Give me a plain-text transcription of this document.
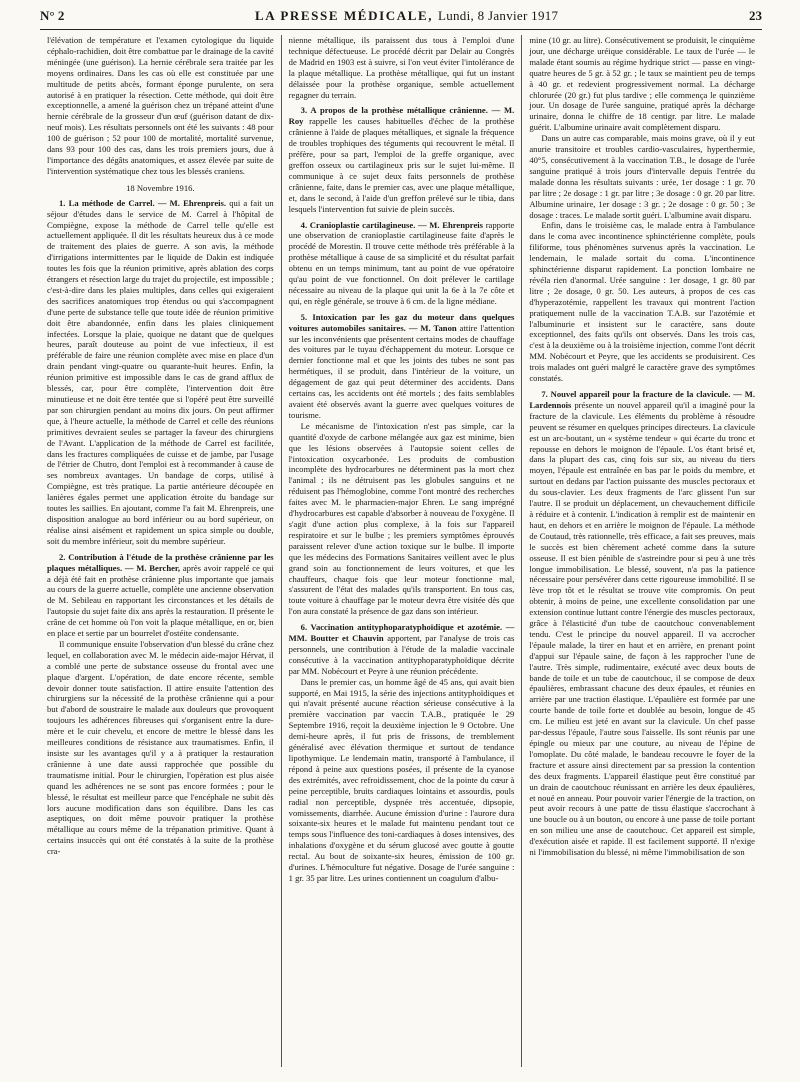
N° 2	LA PRESSE MÉDICALE, Lundi, 8 Janvier 1917	23

l'élévation de température et l'examen cytologique du liquide céphalo-rachidien, doit être combattue par le drainage de la cavité méningée (une guérison). La hernie cérébrale sera traitée par les moyens ordinaires. Dans les cas où elle est constituée par une multitude de petits abcès, formant éponge purulente, on sera autorisé à en pratiquer la résection. Cette méthode, qui doit être exceptionnelle, a amené la guérison chez un trépané atteint d'une hernie cérébrale de la grosseur d'un œuf (guérison datant de dix-neuf mois). Les résultats personnels ont été les suivants : 48 pour 100 de guérison ; 52 pour 100 de mortalité, mortalité survenue, dans 93 pour 100 des cas, dans les trois premiers jours, due à l'importance des dégâts anatomiques, et assez élevée par suite de l'intervention systématique chez tous les blessés craniens.

18 Novembre 1916.

1. La méthode de Carrel. — M. Ehrenpreis. qui a fait un séjour d'études dans le service de M. Carrel à l'hôpital de Compiègne, expose la méthode de Carrel telle qu'elle est actuellement appliquée. Il dit les résultats heureux dus à ce mode de traitement des plaies de guerre. A son avis, la méthode d'irrigations intermittentes par le liquide de Dakin est indiquée toutes les fois que la réunion primitive, après ablation des corps étrangers et résection large du trajet du projectile, est impossible ; c'est-à-dire dans les plaies multiples, dans celles qui exigeraient des sacrifices anatomiques trop étendus ou qui s'accompagnent d'une perte de substance telle que toute idée de réunion primitive doit être abandonnée, enfin dans les plaies cliniquement infectées. Lorsque la plaie, quoique ne datant que de quelques heures, paraît douteuse au point de vue infectieux, il est préférable de faire une réunion complète avec mise en place d'un drain pendant vingt-quatre ou quarante-huit heures. Enfin, la réunion primitive est impossible dans le cas de grand afflux de blessés, car, pour être complète, l'intervention doit être minutieuse et ne doit être tentée que si l'opéré peut être surveillé par son chirurgien pendant au moins dix jours. On peut affirmer que, à l'heure actuelle, la méthode de Carrel et celle des réunions primitives devraient seules se partager la faveur des chirurgiens de l'Avant. L'application de la méthode de Carrel est facilitée, dans les fractures compliquées de cuisse et de jambe, par l'usage de l'étrier de Chutro, dont l'emploi est à recommander à cause de ses nombreux avantages. Un bandage de corps, utilisé à Compiègne, est très pratique. La partie antérieure découpée en lanières égales permet une application étroite du bandage sur toutes les saillies. En ajoutant, comme l'a fait M. Ehrenpreis, une disposition analogue au bord inférieur ou au bord supérieur, on réalise ainsi aisément et rapidement un spica simple ou double, soit du membre inférieur, soit du membre supérieur.

2. Contribution à l'étude de la prothèse crânienne par les plaques métalliques. — M. Bercher, après avoir rappelé ce qui a déjà été fait en prothèse crânienne plus importante que jamais au cours de la guerre actuelle, complète une ancienne observation de M. Sebileau en rapportant les circonstances et les détails de l'autopsie du sujet faite dix ans après la restauration. Il présente le crâne de cet homme où l'on voit la plaque métallique, en or, bien en place et sertie par un bourrelet d'ostéite condensante.

Il communique ensuite l'observation d'un blessé du crâne chez lequel, en collaboration avec M. le médecin aide-major Hérvat, il a comblé une perte de substance osseuse du frontal avec une plaque d'argent. L'opération, de date encore récente, semble devoir donner toute satisfaction. Il attire ensuite l'attention des chirurgiens sur la nécessité de la prothèse crânienne qui a pour but d'abord de soustraire le malade aux douleurs que provoquent toujours les adhérences fibreuses qui s'organisent entre la dure-mère et le cuir chevelu, et encore de mettre le blessé dans les meilleures conditions de résistance aux traumatismes. Enfin, il insiste sur les avantages qu'il y a à pratiquer la restauration crânienne à une date aussi rapprochée que possible du traumatisme initial. Pour le chirurgien, l'opération est plus aisée quand les adhérences ne se sont pas encore formées ; pour le blessé, le résultat est meilleur parce que l'encéphale ne subit dès lors aucune modification dans son équilibre. Dans les cas aseptiques, on doit même pouvoir pratiquer la prothèse métallique au cours même de la trépanation primitive. Quant à certains insuccès qui ont été constatés à la suite de la prothèse cra-

nienne métallique, ils paraissent dus tous à l'emploi d'une technique défectueuse. Le procédé décrit par Delair au Congrès de Madrid en 1903 est à suivre, si l'on veut éviter l'intolérance de la plaque métallique. La prothèse métallique, qui fut un instant délaissée pour la prothèse organique, semble actuellement regagner du terrain.

3. A propos de la prothèse métallique crânienne. — M. Roy rappelle les causes habituelles d'échec de la prothèse crânienne à l'aide de plaques métalliques, et signale la fréquence de troubles trophiques des téguments qui recouvrent le métal. Il préfère, pour sa part, l'emploi de la greffe organique, avec greffon osseux ou cartilagineux pris sur le sujet lui-même. Il communique à ce sujet deux faits personnels de prothèse crânienne, faite, dans le premier cas, avec une plaque métallique, et, dans le second, à l'aide d'un greffon prélevé sur le tibia, dans lesquels l'intervention fut suivie de plein succès.

4. Cranioplastie cartilagineuse. — M. Ehrenpreis rapporte une observation de cranioplastie cartilagineuse faite d'après le procédé de Morestin. Il trouve cette méthode très préférable à la prothèse métallique à cause de sa simplicité et du résultat parfait obtenu en un temps minimum, tant au point de vue opératoire qu'au point de vue fonctionnel. On doit prélever le cartilage nécessaire au niveau de la plaque qui unit la 6e à la 7e côte et qui, en règle générale, se trouve à 6 cm. de la ligne médiane.

5. Intoxication par les gaz du moteur dans quelques voitures automobiles sanitaires. — M. Tanon attire l'attention sur les inconvénients que présentent certains modes de chauffage des voitures par le tuyau d'échappement du moteur. Lorsque ce dernier fonctionne mal et que les joints des tubes ne sont pas hermétiques, il se produit, dans l'intérieur de la voiture, un dégagement de gaz qui peut déterminer des accidents. Dans certains cas, les accidents ont été mortels ; des faits semblables avaient été observés avant la guerre avec quelques voitures de tourisme.

Le mécanisme de l'intoxication n'est pas simple, car la quantité d'oxyde de carbone mélangée aux gaz est minime, bien que les lésions observées à l'autopsie soient celles de l'intoxication oxycarbonée. Les produits de combustion incomplète des hydrocarbures ne déterminent pas la mort chez l'animal ; ils ne détruisent pas les globules sanguins et ne réduisent pas l'hémoglobine, comme l'ont montré des recherches faites avec M. le pharmacien-major Ehren. Le sang imprégné d'hydrocarbures est capable d'absorber à nouveau de l'oxygène. Il s'agit d'une action plus complexe, à la fois sur l'appareil respiratoire et sur le bulbe ; les premiers symptômes éprouvés paraissent relever d'une action toxique sur le bulbe. Il importe que les médecins des Formations Sanitaires veillent avec le plus grand soin au fonctionnement de leurs voitures, et que les chauffeurs, chaque fois que leur moteur fonctionne mal, s'assurent de l'état des malades qu'ils transportent. En tous cas, toute voiture à chauffage par le moteur devra être visitée dès que l'on aura constaté la présence de gaz dans son intérieur.

6. Vaccination antityphoparatyphoïdique et azotémie. — MM. Boutter et Chauvin apportent, par l'analyse de trois cas personnels, une contribution à l'étude de la maladie vaccinale consécutive à la vaccination antityphoparatyphoïdique décrite par MM. Nobécourt et Peyre à une réunion précédente.

Dans le premier cas, un homme âgé de 45 ans, qui avait bien supporté, en Mai 1915, la série des injections antityphoïdiques et qui n'avait présenté aucune réaction sérieuse consécutive à la première vaccination par vaccin T.A.B., pratiquée le 29 Septembre 1916, reçoit la deuxième injection le 9 Octobre. Une demi-heure après, il fut pris de frissons, de tremblement généralisé avec élévation thermique et surtout de tendance lipothymique. Le lendemain matin, transporté à l'ambulance, il répond à peine aux questions posées, il présente de la cyanose des extrémités, avec refroidissement, choc de la pointe du cœur à peine perceptible, bruits cardiaques lointains et assourdis, pouls radial non perceptible, dyspnée très accentuée, dipsopie, vomissements, diarrhée. Aucune émission d'urine : l'aurore dura soixante-six heures et le malade fut maintenu pendant tout ce temps sous l'influence des toni-cardiaques à doses intensives, des inhalations d'oxygène et du sérum glucosé avec goutte à goutte rectal. Au bout de soixante-six heures, émission de 100 gr. d'urines. L'hémoculture fut négative. Dosage de l'urée sanguine : 1 gr. 35 par litre. Les urines contiennent un coagulum d'albu-

mine (10 gr. au litre). Consécutivement se produisit, le cinquième jour, une décharge uréique considérable. Le taux de l'urée — le malade étant soumis au régime hydrique strict — passe en vingt-quatre heures de 5 gr. à 52 gr. ; le taux se maintient peu de temps à 40 gr. et redevient progressivement normal. La décharge chlorurée (20 gr.) fut plus tardive ; elle commença le quinzième jour. Un dosage de l'urée sanguine, pratiqué après la décharge urinaire, donna le chiffre de 18 centigr. par litre. Le malade guérit. L'albumine urinaire avait complètement disparu.

Dans un autre cas comparable, mais moins grave, où il y eut anurie transitoire et troubles cardio-vasculaires, hyperthermie, 40°5, consécutivement à la vaccination T.B., le dosage de l'urée sanguine pratiqué à trois jours d'intervalle depuis l'entrée du malade donna les résultats suivants : urée, 1er dosage : 1 gr. 70 par litre ; 2e dosage : 1 gr. par litre ; 3e dosage : 0 gr. 20 par litre. Albumine urinaire, 1er dosage : 3 gr. ; 2e dosage : 0 gr. 50 ; 3e dosage : traces. Le malade sortit guéri. L'albumine avait disparu.

Enfin, dans le troisième cas, le malade entra à l'ambulance dans le coma avec incontinence sphinctérienne complète, pouls filiforme, tous phénomènes survenus après la vaccination. Le lendemain, le malade sortait du coma. L'incontinence sphinctérienne disparut rapidement. La ponction lombaire ne révéla rien d'anormal. Urée sanguine : 1er dosage, 1 gr. 80 par litre ; 2e dosage, 0 gr. 50. Les auteurs, à propos de ces cas d'hyperazotémie, rappellent les travaux qui montrent l'action pratiquement nulle de la vaccination T.A.B. sur l'azotémie et l'albuminurie et insistent sur le caractère, sans doute exceptionnel, des faits qu'ils ont observés. Dans les trois cas, c'est à la deuxième ou à la troisième injection, comme l'ont décrit MM. Nobécourt et Peyre, que les accidents se produisirent. Ces trois malades ont guéri malgré le caractère grave des symptômes constatés.

7. Nouvel appareil pour la fracture de la clavicule. — M. Lardennois présente un nouvel appareil qu'il a imaginé pour la fracture de la clavicule. Les éléments du problème à résoudre peuvent se résumer en quelques principes directeurs. La clavicule est un arc-boutant, un « système tendeur » qui écarte du tronc et repousse en dehors le moignon de l'épaule. L'os étant brisé et, dans la plupart des cas, cinq fois sur six, au niveau du tiers moyen, l'épaule est entraînée en bas par le poids du membre, et surtout en dedans par l'action puissante des muscles pectoraux et du sous-clavier. Les deux fragments de l'arc glissent l'un sur l'autre. Il se produit un déplacement, un chevauchement difficile à réduire et à contenir. L'indication à remplir est de maintenir en haut, en dehors et en arrière le moignon de l'épaule. La méthode de Coutaud, très rationnelle, très efficace, a fait ses preuves, mais le succès est bien chèrement acheté comme dans la suture osseuse. Il est bien pénible de s'astreindre pour si peu à une très longue immobilisation. Le blessé, souvent, n'a pas la patience nécessaire pour persévérer dans cette rigoureuse immobilité. Il se lève trop tôt et le résultat se trouve vite compromis. On peut obtenir, à moins de peine, une excellente consolidation par une extension continue luttant contre l'énergie des muscles pectoraux, grâce à l'élasticité d'un tube de caoutchouc convenablement tendu. C'est le principe du nouvel appareil. Il va accrocher l'épaule malade, la tirer en haut et en arrière, en prenant point d'appui sur l'épaule saine, de façon à les rapprocher l'une de l'autre. Très simple, rudimentaire, exécuté avec deux bouts de bande de toile et un tube de caoutchouc, il se compose de deux épaulières, embrassant chacune des deux épaules, et réunies en arrière par une traction élastique. L'épaulière est formée par une courte bande de toile forte et doublée au besoin, longue de 45 cm. Le milieu est jeté en avant sur la clavicule. Un chef passe par-dessus l'épaule, l'autre sous l'aisselle. Ils sont réunis par une épingle ou mieux par une couture, au niveau de l'épine de l'omoplate. Du côté malade, le bandeau recouvre le foyer de la fracture et assure ainsi directement par sa pression la contention des deux fragments. L'appareil élastique peut être constitué par un drain de caoutchouc réunissant en arrière les deux épaulières, et noué en anneau. Pour pouvoir varier l'énergie de la traction, on peut avoir recours à une patte de tissu élastique s'accrochant à une boucle ou à un bouton, ou encore à une passe de toile portant en son milieu une anse de caoutchouc. Cet appareil est simple, d'exécution aisée et rapide. Il est facilement supporté. Il n'exige ni l'immobilisation du blessé, ni même l'immobilisation de son
